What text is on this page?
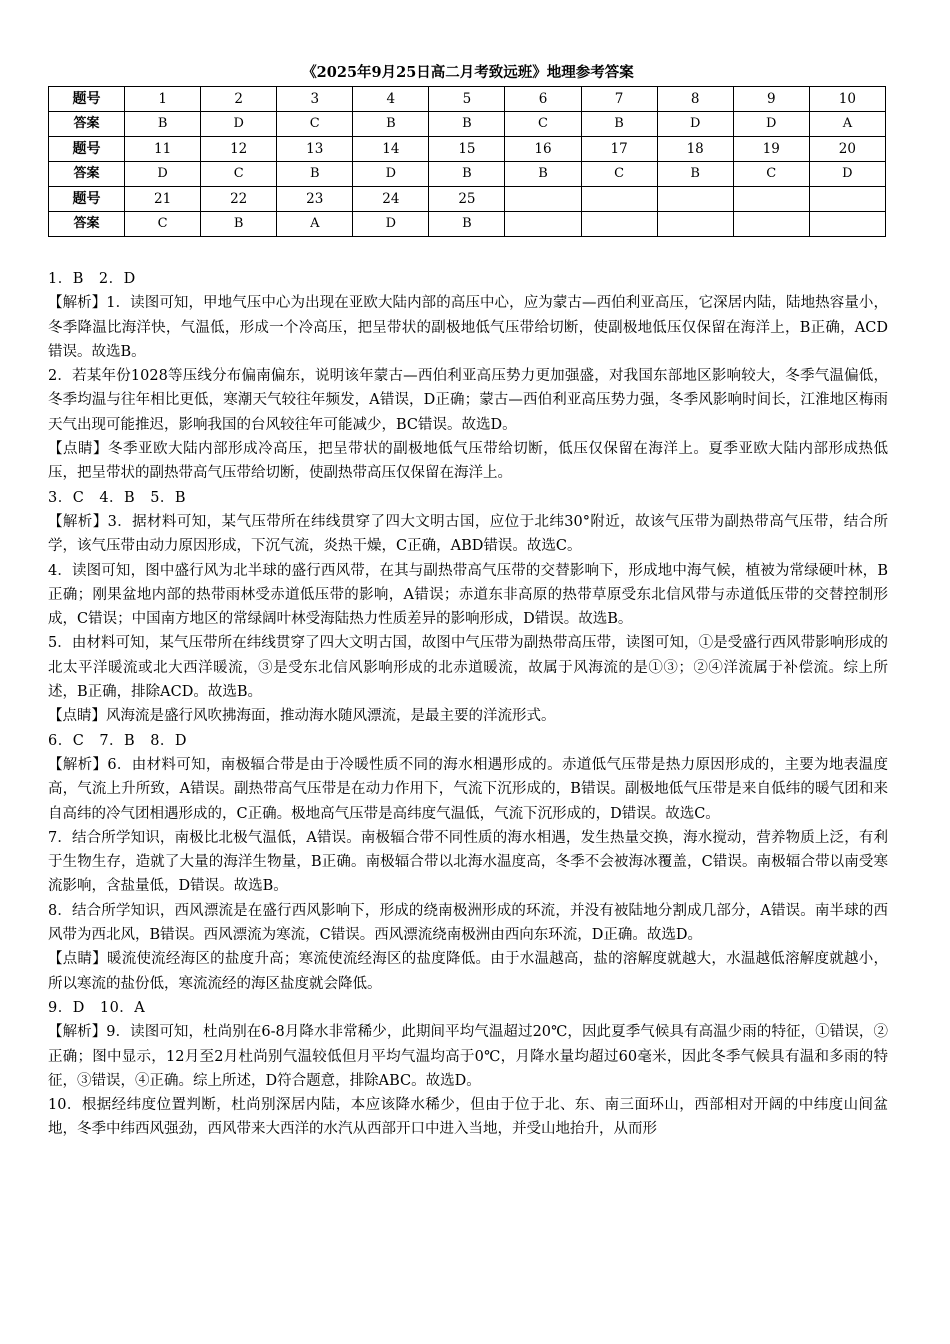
《2025年9月25日高二月考致远班》地理参考答案
题号	1	2	3	4	5	6	7	8	9	10
答案	B	D	C	B	B	C	B	D	D	A
题号	11	12	13	14	15	16	17	18	19	20
答案	D	C	B	D	B	B	C	B	C	D
题号	21	22	23	24	25					
答案	C	B	A	D	B					

1．B　2．D

【解析】1．读图可知，甲地气压中心为出现在亚欧大陆内部的高压中心，应为蒙古—西伯利亚高压，它深居内陆，陆地热容量小，冬季降温比海洋快，气温低，形成一个冷高压，把呈带状的副极地低气压带给切断，使副极地低压仅保留在海洋上，B正确，ACD错误。故选B。

2．若某年份1028等压线分布偏南偏东，说明该年蒙古—西伯利亚高压势力更加强盛，对我国东部地区影响较大，冬季气温偏低，冬季均温与往年相比更低，寒潮天气较往年频发，A错误，D正确；蒙古—西伯利亚高压势力强，冬季风影响时间长，江淮地区梅雨天气出现可能推迟，影响我国的台风较往年可能减少，BC错误。故选D。

【点睛】冬季亚欧大陆内部形成冷高压，把呈带状的副极地低气压带给切断，低压仅保留在海洋上。夏季亚欧大陆内部形成热低压，把呈带状的副热带高气压带给切断，使副热带高压仅保留在海洋上。

3．C　4．B　5．B

【解析】3．据材料可知，某气压带所在纬线贯穿了四大文明古国，应位于北纬30°附近，故该气压带为副热带高气压带，结合所学，该气压带由动力原因形成，下沉气流，炎热干燥，C正确，ABD错误。故选C。

4．读图可知，图中盛行风为北半球的盛行西风带，在其与副热带高气压带的交替影响下，形成地中海气候，植被为常绿硬叶林，B正确；刚果盆地内部的热带雨林受赤道低压带的影响，A错误；赤道东非高原的热带草原受东北信风带与赤道低压带的交替控制形成，C错误；中国南方地区的常绿阔叶林受海陆热力性质差异的影响形成，D错误。故选B。

5．由材料可知，某气压带所在纬线贯穿了四大文明古国，故图中气压带为副热带高压带，读图可知，①是受盛行西风带影响形成的北太平洋暖流或北大西洋暖流，③是受东北信风影响形成的北赤道暖流，故属于风海流的是①③；②④洋流属于补偿流。综上所述，B正确，排除ACD。故选B。

【点睛】风海流是盛行风吹拂海面，推动海水随风漂流，是最主要的洋流形式。

6．C　7．B　8．D

【解析】6．由材料可知，南极辐合带是由于冷暖性质不同的海水相遇形成的。赤道低气压带是热力原因形成的，主要为地表温度高，气流上升所致，A错误。副热带高气压带是在动力作用下，气流下沉形成的，B错误。副极地低气压带是来自低纬的暖气团和来自高纬的冷气团相遇形成的，C正确。极地高气压带是高纬度气温低，气流下沉形成的，D错误。故选C。

7．结合所学知识，南极比北极气温低，A错误。南极辐合带不同性质的海水相遇，发生热量交换，海水搅动，营养物质上泛，有利于生物生存，造就了大量的海洋生物量，B正确。南极辐合带以北海水温度高，冬季不会被海冰覆盖，C错误。南极辐合带以南受寒流影响，含盐量低，D错误。故选B。

8．结合所学知识，西风漂流是在盛行西风影响下，形成的绕南极洲形成的环流，并没有被陆地分割成几部分，A错误。南半球的西风带为西北风，B错误。西风漂流为寒流，C错误。西风漂流绕南极洲由西向东环流，D正确。故选D。

【点睛】暖流使流经海区的盐度升高；寒流使流经海区的盐度降低。由于水温越高，盐的溶解度就越大，水温越低溶解度就越小，所以寒流的盐份低，寒流流经的海区盐度就会降低。

9．D　10．A

【解析】9．读图可知，杜尚别在6-8月降水非常稀少，此期间平均气温超过20℃，因此夏季气候具有高温少雨的特征，①错误，②正确；图中显示，12月至2月杜尚别气温较低但月平均气温均高于0℃，月降水量均超过60毫米，因此冬季气候具有温和多雨的特征，③错误，④正确。综上所述，D符合题意，排除ABC。故选D。

10．根据经纬度位置判断，杜尚别深居内陆，本应该降水稀少，但由于位于北、东、南三面环山，西部相对开阔的中纬度山间盆地，冬季中纬西风强劲，西风带来大西洋的水汽从西部开口中进入当地，并受山地抬升，从而形
